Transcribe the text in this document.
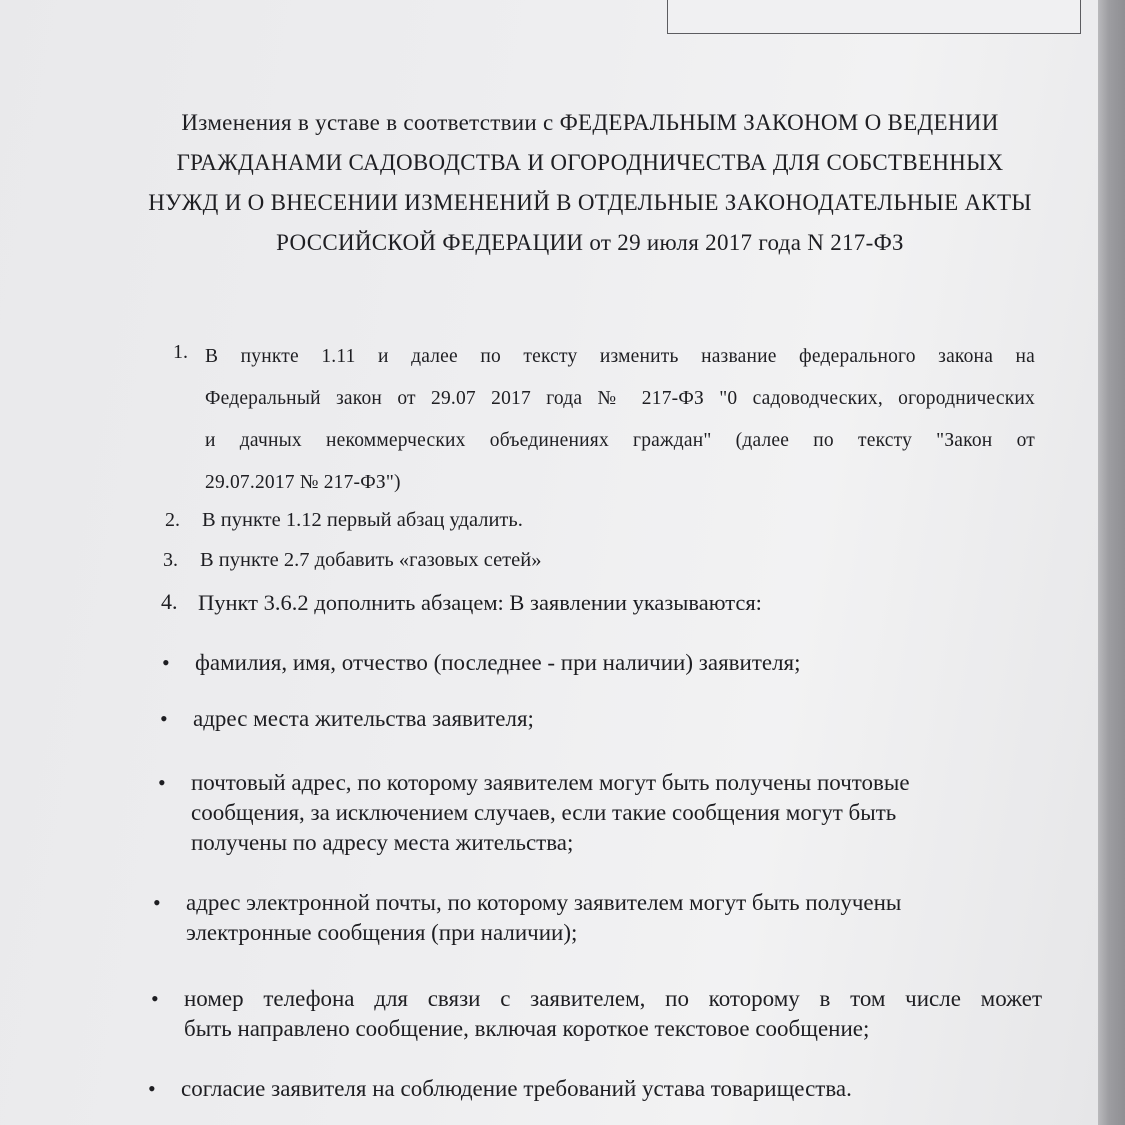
Изменения в уставе в соответствии с ФЕДЕРАЛЬНЫМ ЗАКОНОМ О ВЕДЕНИИ
ГРАЖДАНАМИ САДОВОДСТВА И ОГОРОДНИЧЕСТВА ДЛЯ СОБСТВЕННЫХ
НУЖД И О ВНЕСЕНИИ ИЗМЕНЕНИЙ В ОТДЕЛЬНЫЕ ЗАКОНОДАТЕЛЬНЫЕ АКТЫ
РОССИЙСКОЙ ФЕДЕРАЦИИ от 29 июля 2017 года N 217-ФЗ
1. В пункте 1.11 и далее по тексту изменить название федерального закона на
Федеральный закон от 29.07 2017 года № 217-ФЗ "0 садоводческих, огороднических
и дачных некоммерческих объединениях граждан" (далее по тексту "Закон от
29.07.2017 № 217-ФЗ")
2. В пункте 1.12 первый абзац удалить.
3. В пункте 2.7 добавить «газовых сетей»
4. Пункт 3.6.2 дополнить абзацем: В заявлении указываются:
• фамилия, имя, отчество (последнее - при наличии) заявителя;
• адрес места жительства заявителя;
• почтовый адрес, по которому заявителем могут быть получены почтовые
сообщения, за исключением случаев, если такие сообщения могут быть
получены по адресу места жительства;
• адрес электронной почты, по которому заявителем могут быть получены
электронные сообщения (при наличии);
• номер телефона для связи с заявителем, по которому в том числе может
быть направлено сообщение, включая короткое текстовое сообщение;
• согласие заявителя на соблюдение требований устава товарищества.
